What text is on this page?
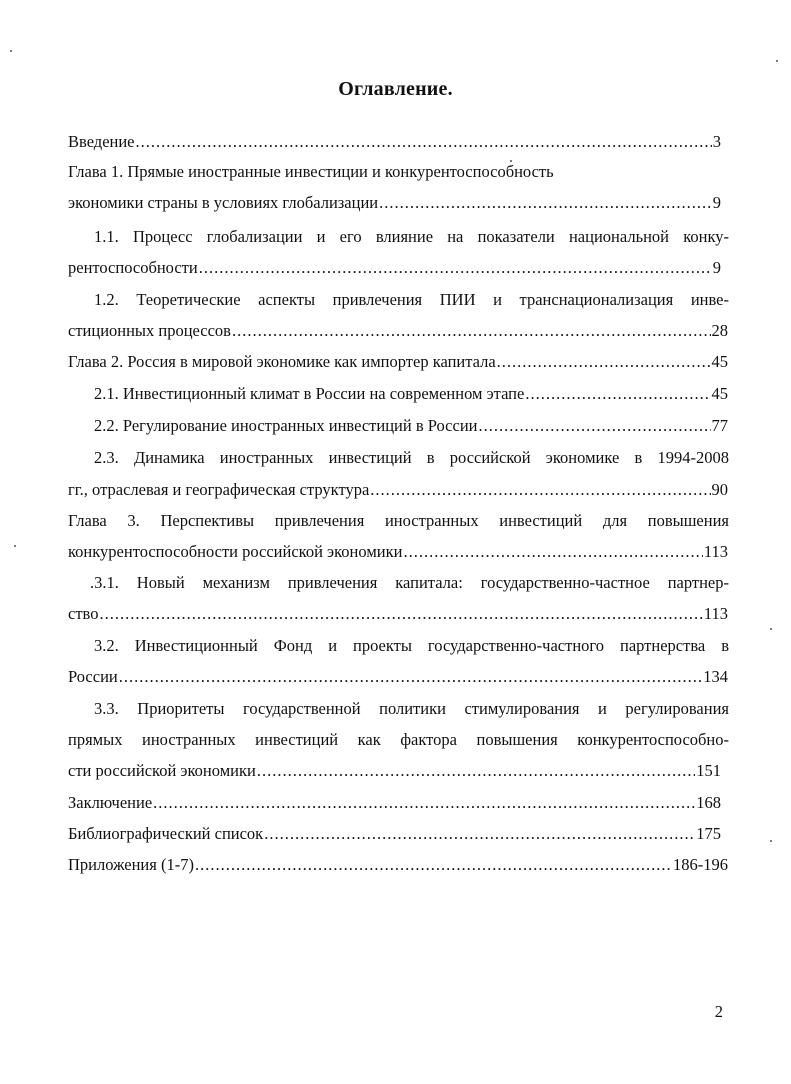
Оглавление.
Введение .....	3
Глава 1. Прямые иностранные инвестиции и конкурентоспособность
экономики страны в условиях глобализации .....	9
1.1. Процесс глобализации и его влияние на показатели национальной конку-
рентоспособности .....	9
1.2. Теоретические аспекты привлечения ПИИ и транснационализация инве-
стиционных процессов .....	28
Глава 2. Россия в мировой экономике как импортер капитала .....	45
2.1. Инвестиционный климат в России на современном этапе .....	45
2.2. Регулирование иностранных инвестиций в России .....	77
2.3. Динамика иностранных инвестиций в российской экономике в 1994-2008
гг., отраслевая и географическая структура .....	90
Глава 3. Перспективы привлечения иностранных инвестиций для повышения
конкурентоспособности российской экономики .....	113
.3.1. Новый механизм привлечения капитала: государственно-частное партнер-
ство .....	113
3.2. Инвестиционный Фонд и проекты государственно-частного партнерства в
России .....	134
3.3. Приоритеты государственной политики стимулирования и регулирования
прямых иностранных инвестиций как фактора повышения конкурентоспособно-
сти российской экономики .....	151
Заключение .....	168
Библиографический список .....	175
Приложения (1-7) .....	186-196
2
